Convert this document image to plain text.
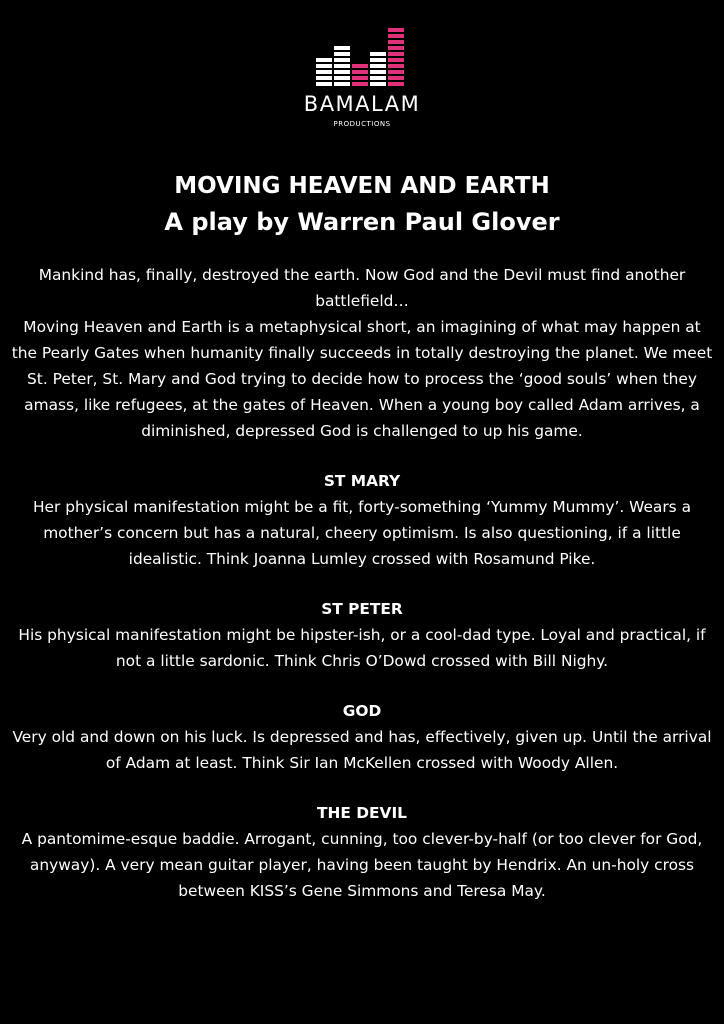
BAMALAM
PRODUCTIONS
MOVING HEAVEN AND EARTH
A play by Warren Paul Glover

Mankind has, finally, destroyed the earth. Now God and the Devil must find another battlefield…

Moving Heaven and Earth is a metaphysical short, an imagining of what may happen at the Pearly Gates when humanity finally succeeds in totally destroying the planet. We meet St. Peter, St. Mary and God trying to decide how to process the ‘good souls’ when they amass, like refugees, at the gates of Heaven. When a young boy called Adam arrives, a diminished, depressed God is challenged to up his game.

ST MARY

Her physical manifestation might be a fit, forty-something ‘Yummy Mummy’. Wears a mother’s concern but has a natural, cheery optimism. Is also questioning, if a little idealistic. Think Joanna Lumley crossed with Rosamund Pike.

ST PETER

His physical manifestation might be hipster-ish, or a cool-dad type. Loyal and practical, if not a little sardonic. Think Chris O’Dowd crossed with Bill Nighy.

GOD

Very old and down on his luck. Is depressed and has, effectively, given up. Until the arrival of Adam at least. Think Sir Ian McKellen crossed with Woody Allen.

THE DEVIL

A pantomime-esque baddie. Arrogant, cunning, too clever-by-half (or too clever for God, anyway). A very mean guitar player, having been taught by Hendrix. An un-holy cross between KISS’s Gene Simmons and Teresa May.
